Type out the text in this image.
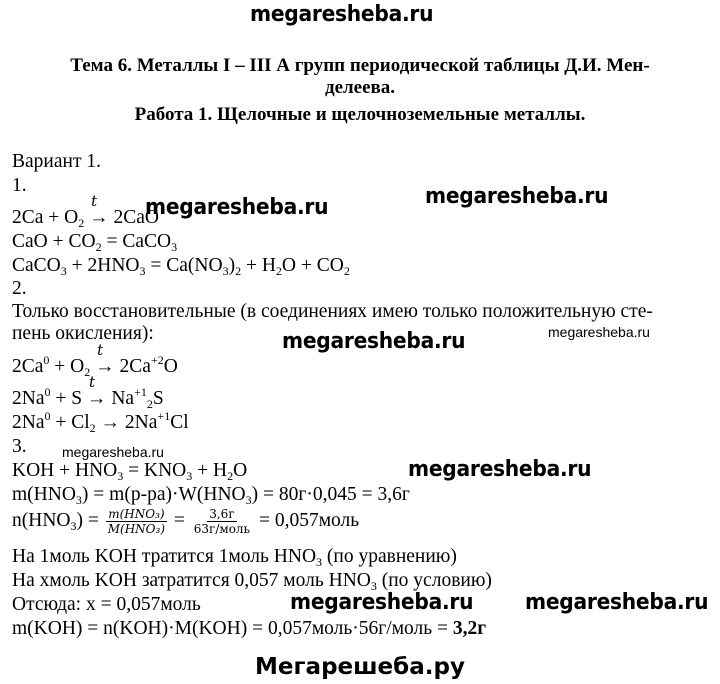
megaresheba.ru
Тема 6. Металлы I – III А групп периодической таблицы Д.И. Мен-
делеева.
Работа 1. Щелочные и щелочноземельные металлы.
Вариант 1.
1.	megaresheba.ru
$2Ca + O_2$ →
t
2CaO
megaresheba.ru
CaO + $CO_2$ = CaCO$_3$
CaCO$_3$ + $2HNO_3 = Ca(NO_3)_2 + H_2O + CO_2$
2.
Только восстановительные (в соединениях имею только положительную сте-
пень окисления):	megaresheba.ru
megaresheba.ru
$2Ca^0 + O_2$ →
t
$2Ca^{+2}O$
$2Na^0 + S$ →
t
$Na^{+1}_2S$
$2Na^0 + Cl_2 \to 2Na^{+1}Cl$
3.	megaresheba.ru
KOH + $HNO_3 = KNO_3 + H_2O$	megaresheba.ru
$m(HNO_3) = m(р-ра)\cdot W(HNO_3) = 80г\cdot 0,045 = 3,6г$
$n(HNO_3) = \frac{\text{m(HNO₃)}}{\text{M(HNO₃)}} = \frac{3,6г}{\text{63г/моль}}$ = 0,057моль
На 1моль KOH тратится 1моль $HNO_3$ (по уравнению)
На хмоль KOH затратится 0,057 моль $HNO_3$ (по условию)
Отсюда: x = 0,057моль	megaresheba.ru megaresheba.ru
m(KOH) = n(KOH)·M(KOH) = 0,057моль·56г/моль = 3,2г
Мегарешеба.ру
